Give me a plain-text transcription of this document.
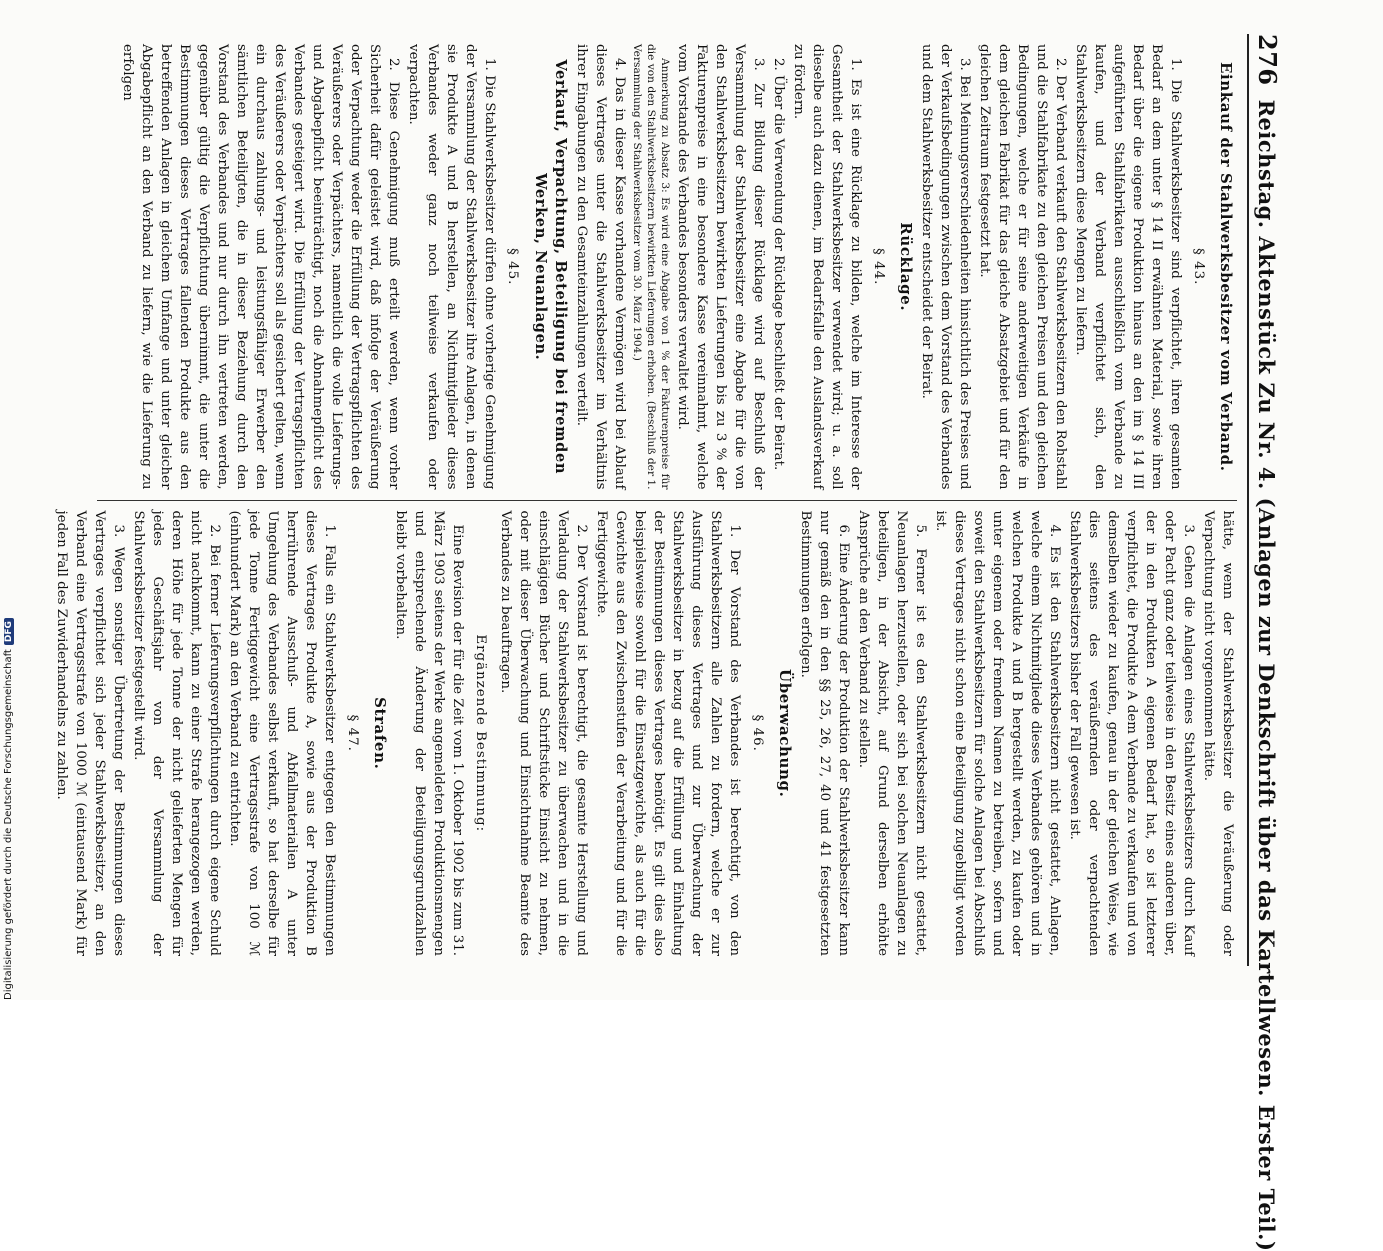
276
Reichstag. Aktenstück Zu Nr. 4. (Anlagen zur Denkschrift über das Kartellwesen. Erster Teil.)
Einkauf der Stahlwerksbesitzer vom Verband.
§ 43.

1. Die Stahlwerksbesitzer sind verpflichtet, ihren gesamten Bedarf an dem unter § 14 II erwähnten Material, sowie ihren Bedarf über die eigene Produktion hinaus an den im § 14 III aufgeführten Stahlfabrikaten ausschließlich vom Verbande zu kaufen, und der Verband verpflichtet sich, den Stahlwerksbesitzern diese Mengen zu liefern.

2. Der Verband verkauft den Stahlwerksbesitzern den Rohstahl und die Stahlfabrikate zu den gleichen Preisen und den gleichen Bedingungen, welche er für seine anderweitigen Verkäufe in dem gleichen Fabrikat für das gleiche Absatzgebiet und für den gleichen Zeitraum festgesetzt hat.

3. Bei Meinungsverschiedenheiten hinsichtlich des Preises und der Verkaufsbedingungen zwischen dem Vorstand des Verbandes und dem Stahlwerksbesitzer entscheidet der Beirat.

Rücklage.
§ 44.

1. Es ist eine Rücklage zu bilden, welche im Interesse der Gesamtheit der Stahlwerksbesitzer verwendet wird; u. a. soll dieselbe auch dazu dienen, im Bedarfsfalle den Auslandsverkauf zu fördern.

2. Über die Verwendung der Rücklage beschließt der Beirat.

3. Zur Bildung dieser Rücklage wird auf Beschluß der Versammlung der Stahlwerksbesitzer eine Abgabe für die von den Stahlwerksbesitzern bewirkten Lieferungen bis zu 3 % der Fakturenpreise in eine besondere Kasse vereinnahmt, welche vom Vorstande des Verbandes besonders verwaltet wird.

Anmerkung zu Absatz 3: Es wird eine Abgabe von 1 % der Fakturenpreise für die von den Stahlwerksbesitzern bewirkten Lieferungen erhoben. (Beschluß der 1. Versammlung der Stahlwerksbesitzer vom 30. März 1904.)

4. Das in dieser Kasse vorhandene Vermögen wird bei Ablauf dieses Vertrages unter die Stahlwerksbesitzer im Verhältnis ihrer Eingabungen zu den Gesamteinzahlungen verteilt.

Verkauf, Verpachtung, Beteiligung bei fremden Werken, Neuanlagen.
§ 45.

1. Die Stahlwerksbesitzer dürfen ohne vorherige Genehmigung der Versammlung der Stahlwerksbesitzer ihre Anlagen, in denen sie Produkte A und B herstellen, an Nichtmitglieder dieses Verbandes weder ganz noch teilweise verkaufen oder verpachten.

2. Diese Genehmigung muß erteilt werden, wenn vorher Sicherheit dafür geleistet wird, daß infolge der Veräußerung oder Verpachtung weder die Erfüllung der Vertragspflichten des Veräußerers oder Verpächters, namentlich die volle Lieferungs- und Abgabepflicht beeinträchtigt, noch die Abnahmepflicht des Verbandes gesteigert wird. Die Erfüllung der Vertragspflichten des Veräußerers oder Verpächters soll als gesichert gelten, wenn ein durchaus zahlungs- und leistungsfähiger Erwerber den sämtlichen Beteiligten, die in dieser Beziehung durch den Vorstand des Verbandes und nur durch ihn vertreten werden, gegenüber gültig die Verpflichtung übernimmt, die unter die Bestimmungen dieses Vertrages fallenden Produkte aus den betreffenden Anlagen in gleichem Umfange und unter gleicher Abgabepflicht an den Verband zu liefern, wie die Lieferung zu erfolgen

hätte, wenn der Stahlwerksbesitzer die Veräußerung oder Verpachtung nicht vorgenommen hätte.

3. Gehen die Anlagen eines Stahlwerksbesitzers durch Kauf oder Pacht ganz oder teilweise in den Besitz eines anderen über, der in den Produkten A eigenen Bedarf hat, so ist letzterer verpflichtet, die Produkte A dem Verbande zu verkaufen und von demselben wieder zu kaufen, genau in der gleichen Weise, wie dies seitens des veräußernden oder verpachtenden Stahlwerksbesitzers bisher der Fall gewesen ist.

4. Es ist den Stahlwerksbesitzern nicht gestattet, Anlagen, welche einem Nichtmitgliede dieses Verbandes gehören und in welchen Produkte A und B hergestellt werden, zu kaufen oder unter eigenem oder fremdem Namen zu betreiben, sofern und soweit den Stahlwerksbesitzern für solche Anlagen bei Abschluß dieses Vertrages nicht schon eine Beteiligung zugebilligt worden ist.

5. Ferner ist es den Stahlwerksbesitzern nicht gestattet, Neuanlagen herzustellen, oder sich bei solchen Neuanlagen zu beteiligen, in der Absicht, auf Grund derselben erhöhte Ansprüche an den Verband zu stellen.

6. Eine Änderung der Produktion der Stahlwerksbesitzer kann nur gemäß den in den §§ 25, 26, 27, 40 und 41 festgesetzten Bestimmungen erfolgen.

Überwachung.
§ 46.

1. Der Vorstand des Verbandes ist berechtigt, von den Stahlwerksbesitzern alle Zahlen zu fordern, welche er zur Ausführung dieses Vertrages und zur Überwachung der Stahlwerksbesitzer in bezug auf die Erfüllung und Einhaltung der Bestimmungen dieses Vertrages benötigt. Es gilt dies also beispielsweise sowohl für die Einsatzgewichte, als auch für die Gewichte aus den Zwischenstufen der Verarbeitung und für die Fertiggewichte.

2. Der Vorstand ist berechtigt, die gesamte Herstellung und Verladung der Stahlwerksbesitzer zu überwachen und in die einschlägigen Bücher und Schriftstücke Einsicht zu nehmen, oder mit dieser Überwachung und Einsichtnahme Beamte des Verbandes zu beauftragen.

Ergänzende Bestimmung:

Eine Revision der für die Zeit vom 1. Oktober 1902 bis zum 31. März 1903 seitens der Werke angemeldeten Produktionsmengen und entsprechende Änderung der Beteiligungsgrundzahlen bleibt vorbehalten.

Strafen.
§ 47.

1. Falls ein Stahlwerksbesitzer entgegen den Bestimmungen dieses Vertrages Produkte A, sowie aus der Produktion B herrührende Ausschuß- und Abfallmaterialien A unter Umgehung des Verbandes selbst verkauft, so hat derselbe für jede Tonne Fertiggewicht eine Vertragsstrafe von 100 ℳ (einhundert Mark) an den Verband zu entrichten.

2. Bei ferner Lieferungsverpflichtungen durch eigene Schuld nicht nachkommt, kann zu einer Strafe herangezogen werden, deren Höhe für jede Tonne der nicht gelieferten Mengen für jedes Geschäftsjahr von der Versammlung der Stahlwerksbesitzer festgestellt wird.

3. Wegen sonstiger Übertretung der Bestimmungen dieses Vertrages verpflichtet sich jeder Stahlwerksbesitzer, an den Verband eine Vertragsstrafe von 1000 ℳ (eintausend Mark) für jeden Fall des Zuwiderhandelns zu zahlen.

Digitalisierung gefördert durch die Deutsche Forschungsgemeinschaft
DFG
